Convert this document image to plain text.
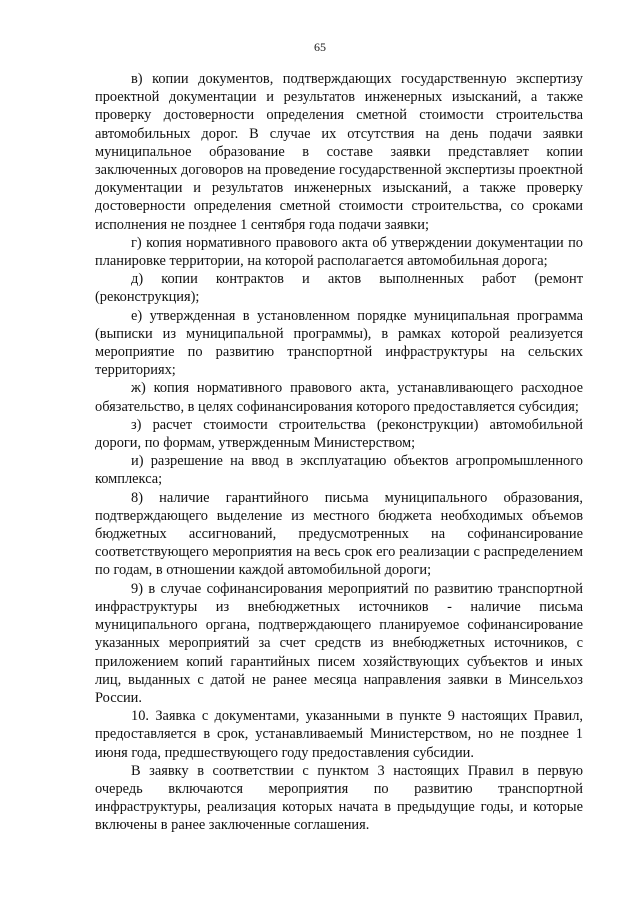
65

в) копии документов, подтверждающих государственную экспертизу проектной документации и результатов инженерных изысканий, а также проверку достоверности определения сметной стоимости строительства автомобильных дорог. В случае их отсутствия на день подачи заявки муниципальное образование в составе заявки представляет копии заключенных договоров на проведение государственной экспертизы проектной документации и результатов инженерных изысканий, а также проверку достоверности определения сметной стоимости строительства, со сроками исполнения не позднее 1 сентября года подачи заявки;

г) копия нормативного правового акта об утверждении документации по планировке территории, на которой располагается автомобильная дорога;

д) копии контрактов и актов выполненных работ (ремонт (реконструкция);

е) утвержденная в установленном порядке муниципальная программа (выписки из муниципальной программы), в рамках которой реализуется мероприятие по развитию транспортной инфраструктуры на сельских территориях;

ж) копия нормативного правового акта, устанавливающего расходное обязательство, в целях софинансирования которого предоставляется субсидия;

з) расчет стоимости строительства (реконструкции) автомобильной дороги, по формам, утвержденным Министерством;

и) разрешение на ввод в эксплуатацию объектов агропромышленного комплекса;

8) наличие гарантийного письма муниципального образования, подтверждающего выделение из местного бюджета необходимых объемов бюджетных ассигнований, предусмотренных на софинансирование соответствующего мероприятия на весь срок его реализации с распределением по годам, в отношении каждой автомобильной дороги;

9) в случае софинансирования мероприятий по развитию транспортной инфраструктуры из внебюджетных источников - наличие письма муниципального органа, подтверждающего планируемое софинансирование указанных мероприятий за счет средств из внебюджетных источников, с приложением копий гарантийных писем хозяйствующих субъектов и иных лиц, выданных с датой не ранее месяца направления заявки в Минсельхоз России.

10. Заявка с документами, указанными в пункте 9 настоящих Правил, предоставляется в срок, устанавливаемый Министерством, но не позднее 1 июня года, предшествующего году предоставления субсидии.

В заявку в соответствии с пунктом 3 настоящих Правил в первую очередь включаются мероприятия по развитию транспортной инфраструктуры, реализация которых начата в предыдущие годы, и которые включены в ранее заключенные соглашения.
